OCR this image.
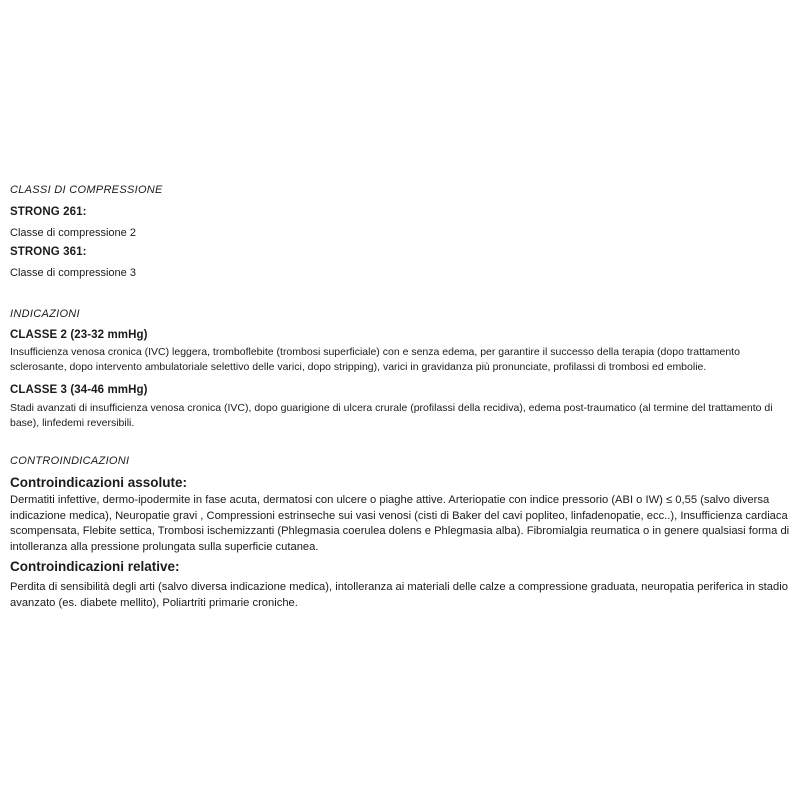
CLASSI DI COMPRESSIONE
STRONG 261:
Classe di compressione 2
STRONG 361:
Classe di compressione 3
INDICAZIONI
CLASSE 2 (23-32 mmHg)
Insufficienza venosa cronica (IVC) leggera, tromboflebite (trombosi superficiale) con e senza edema, per garantire il successo della terapia (dopo trattamento sclerosante, dopo intervento ambulatoriale selettivo delle varici, dopo stripping), varici in gravidanza più pronunciate, profilassi di trombosi ed embolie.
CLASSE 3 (34-46 mmHg)
Stadi avanzati di insufficienza venosa cronica (IVC), dopo guarigione di ulcera crurale (profilassi della recidiva), edema post-traumatico (al termine del trattamento di base), linfedemi reversibili.
CONTROINDICAZIONI
Controindicazioni assolute:
Dermatiti infettive, dermo-ipodermite in fase acuta, dermatosi con ulcere o piaghe attive. Arteriopatie con indice pressorio (ABI o IW) ≤ 0,55 (salvo diversa indicazione medica), Neuropatie gravi , Compressioni estrinseche sui vasi venosi (cisti di Baker del cavi popliteo, linfadenopatie, ecc..), Insufficienza cardiaca scompensata, Flebite settica, Trombosi ischemizzanti (Phlegmasia coerulea dolens e Phlegmasia alba). Fibromialgia reumatica o in genere qualsiasi forma di intolleranza alla pressione prolungata sulla superficie cutanea.
Controindicazioni relative:
Perdita di sensibilità degli arti (salvo diversa indicazione medica), intolleranza ai materiali delle calze a compressione graduata, neuropatia periferica in stadio avanzato (es. diabete mellito), Poliartriti primarie croniche.
